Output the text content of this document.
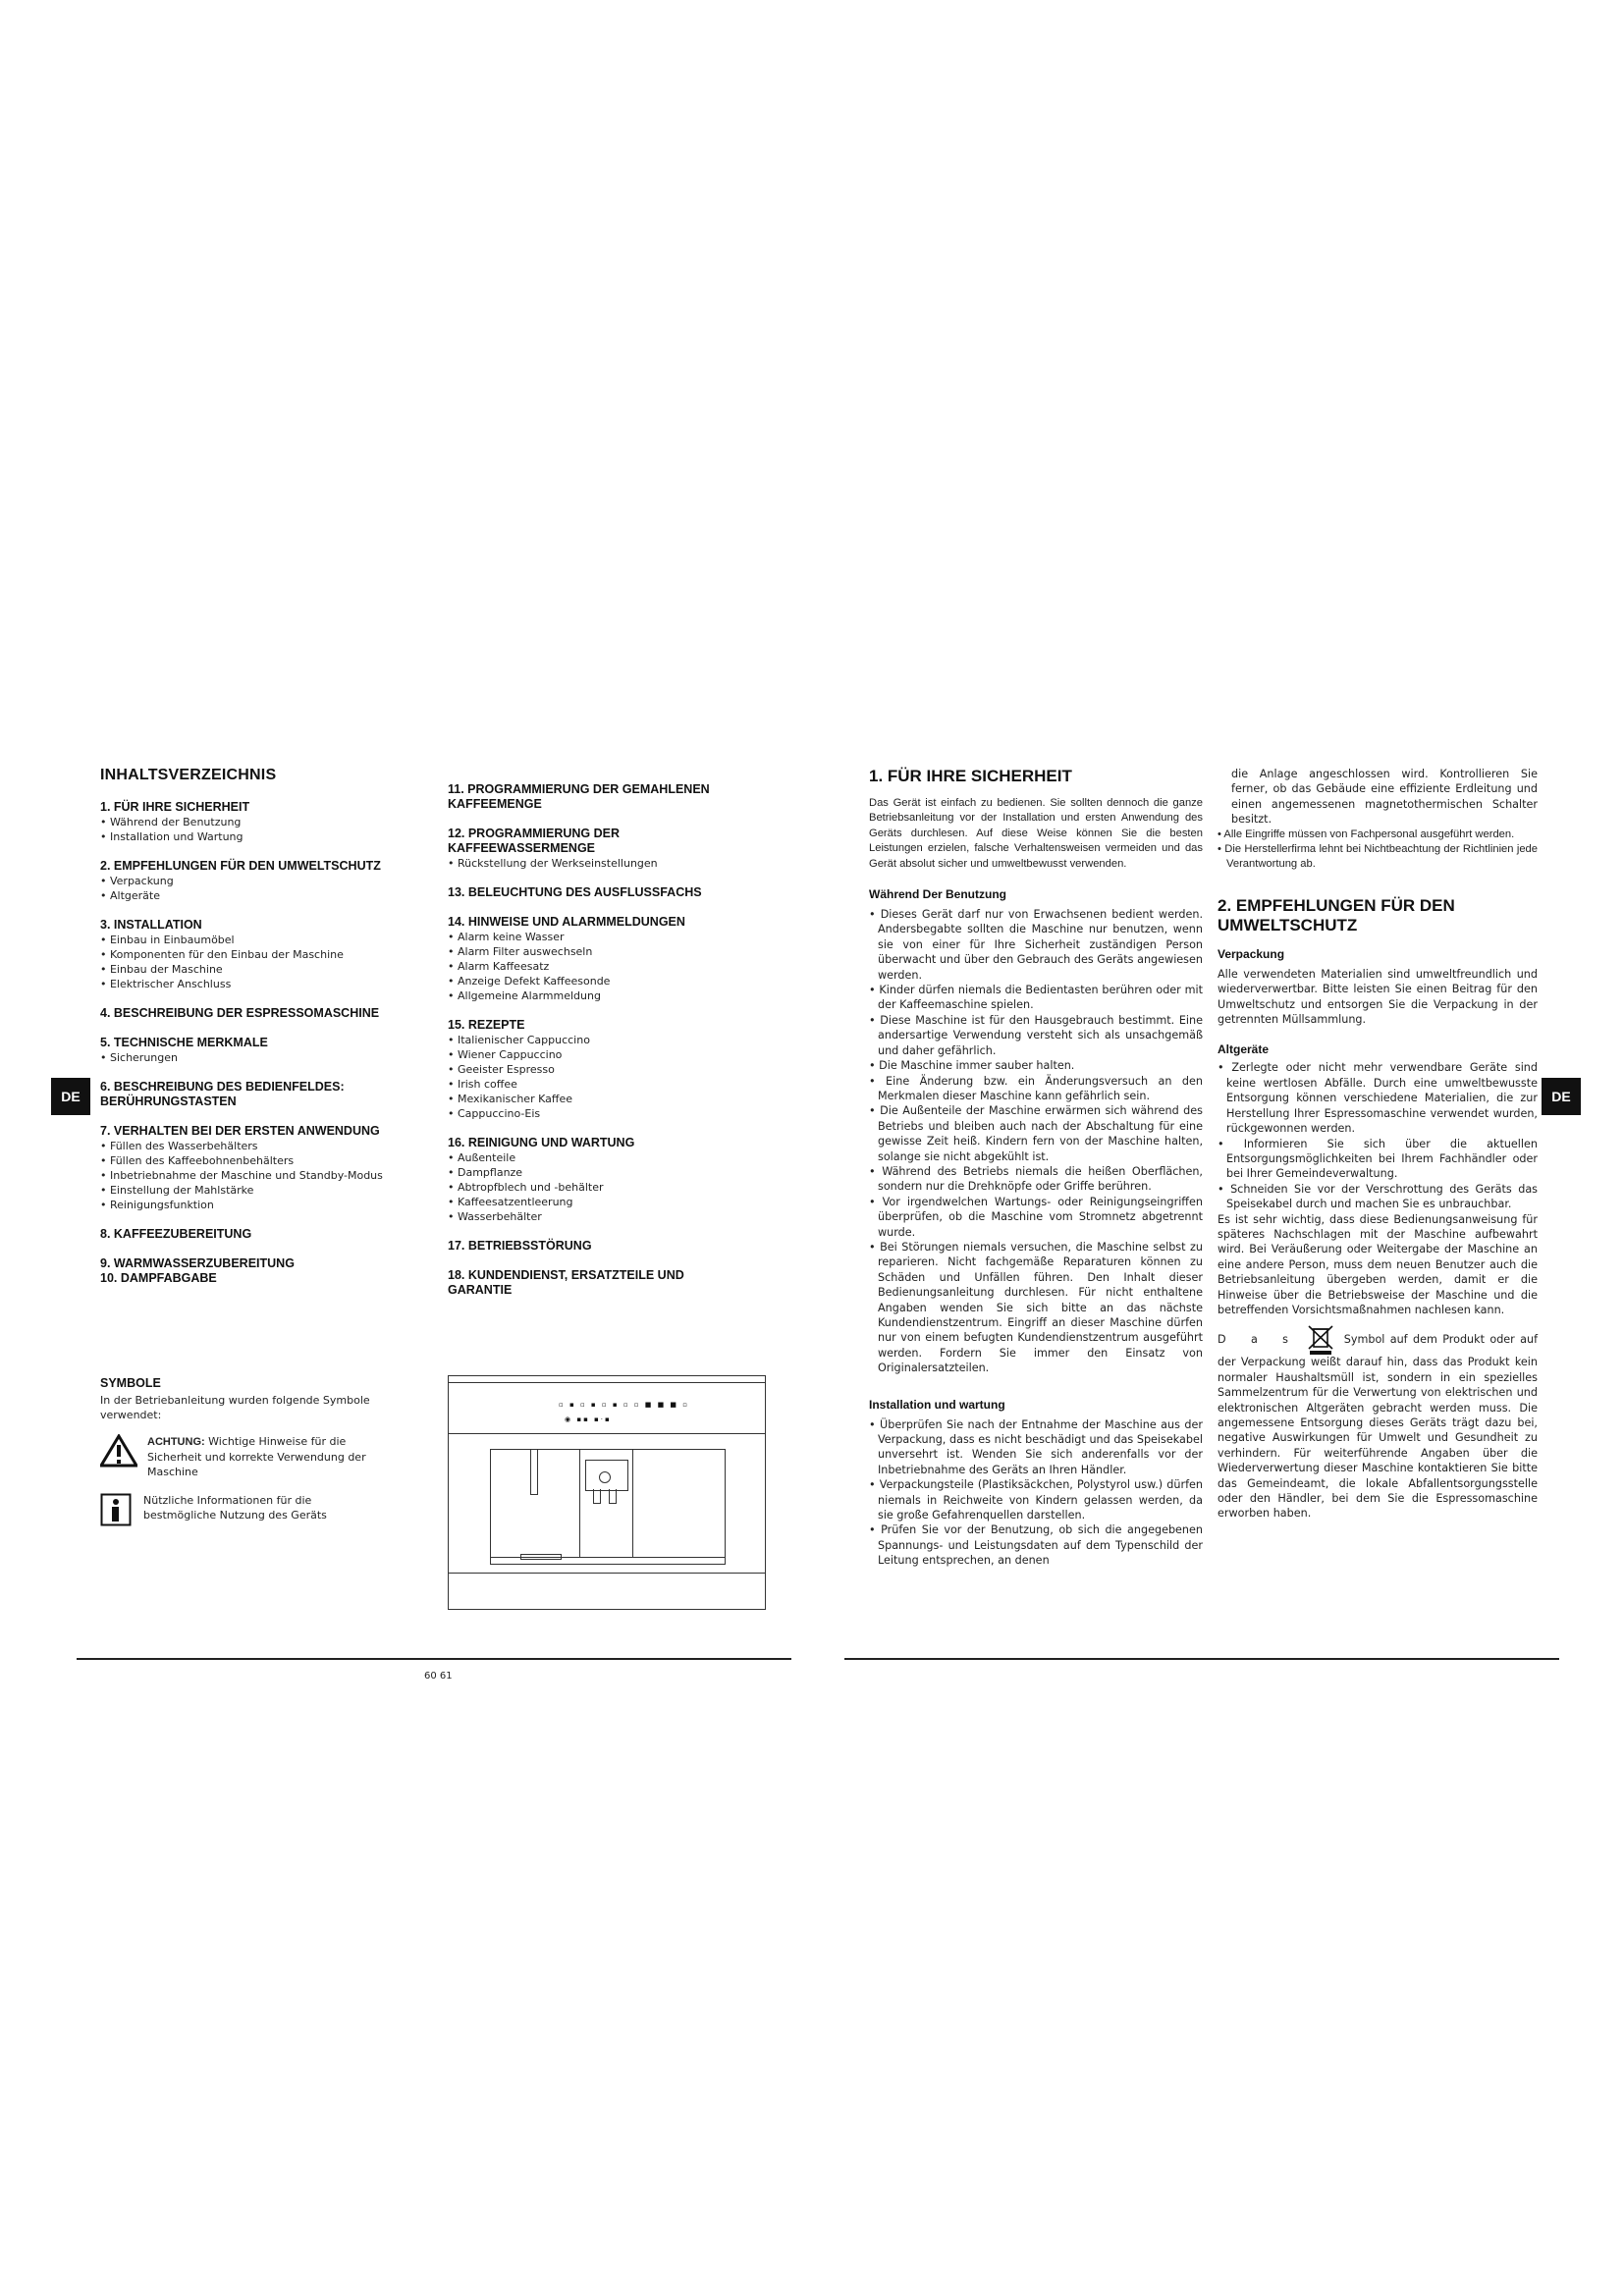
DE	DE
INHALTSVERZEICHNIS

1. FÜR IHRE SICHERHEIT

• Während der Benutzung

• Installation und Wartung

2. EMPFEHLUNGEN FÜR DEN UMWELTSCHUTZ

• Verpackung

• Altgeräte

3. INSTALLATION

• Einbau in Einbaumöbel

• Komponenten für den Einbau der Maschine

• Einbau der Maschine

• Elektrischer Anschluss

4. BESCHREIBUNG DER ESPRESSOMASCHINE

5. TECHNISCHE MERKMALE

• Sicherungen

6. BESCHREIBUNG DES BEDIENFELDES: BERÜHRUNGSTASTEN

7. VERHALTEN BEI DER ERSTEN ANWENDUNG

• Füllen des Wasserbehälters

• Füllen des Kaffeebohnenbehälters

• Inbetriebnahme der Maschine und Standby-Modus

• Einstellung der Mahlstärke

• Reinigungsfunktion

8. KAFFEEZUBEREITUNG

9. WARMWASSERZUBEREITUNG

10. DAMPFABGABE

11. PROGRAMMIERUNG DER GEMAHLENEN KAFFEEMENGE

12. PROGRAMMIERUNG DER KAFFEEWASSERMENGE

• Rückstellung der Werkseinstellungen

13. BELEUCHTUNG DES AUSFLUSSFACHS

14. HINWEISE UND ALARMMELDUNGEN

• Alarm keine Wasser

• Alarm Filter auswechseln

• Alarm Kaffeesatz

• Anzeige Defekt Kaffeesonde

• Allgemeine Alarmmeldung

15. REZEPTE

• Italienischer Cappuccino

• Wiener Cappuccino

• Geeister Espresso

• Irish coffee

• Mexikanischer Kaffee

• Cappuccino-Eis

16. REINIGUNG UND WARTUNG

• Außenteile

• Dampflanze

• Abtropfblech und -behälter

• Kaffeesatzentleerung

• Wasserbehälter

17. BETRIEBSSTÖRUNG

18. KUNDENDIENST, ERSATZTEILE UND GARANTIE

SYMBOLE

In der Betriebanleitung wurden folgende Symbole verwendet:

ACHTUNG: Wichtige Hinweise für die Sicherheit und korrekte Verwendung der Maschine

Nützliche Informationen für die bestmögliche Nutzung des Geräts

▫ ▪ ▫ ▪ ▫ ▪ ▫ ▫ ■ ■ ■ ▫
◉ ▪▪ ▪·▪
60 61

1. FÜR IHRE SICHERHEIT

Das Gerät ist einfach zu bedienen. Sie sollten dennoch die ganze Betriebsanleitung vor der Installation und ersten Anwendung des Geräts durchlesen. Auf diese Weise können Sie die besten Leistungen erzielen, falsche Verhaltensweisen vermeiden und das Gerät absolut sicher und umweltbewusst verwenden.

Während Der Benutzung

• Dieses Gerät darf nur von Erwachsenen bedient werden. Andersbegabte sollten die Maschine nur benutzen, wenn sie von einer für Ihre Sicherheit zuständigen Person überwacht und über den Gebrauch des Geräts angewiesen werden.

• Kinder dürfen niemals die Bedientasten berühren oder mit der Kaffeemaschine spielen.

• Diese Maschine ist für den Hausgebrauch bestimmt. Eine andersartige Verwendung versteht sich als unsachgemäß und daher gefährlich.

• Die Maschine immer sauber halten.

• Eine Änderung bzw. ein Änderungsversuch an den Merkmalen dieser Maschine kann gefährlich sein.

• Die Außenteile der Maschine erwärmen sich während des Betriebs und bleiben auch nach der Abschaltung für eine gewisse Zeit heiß. Kindern fern von der Maschine halten, solange sie nicht abgekühlt ist.

• Während des Betriebs niemals die heißen Oberflächen, sondern nur die Drehknöpfe oder Griffe berühren.

• Vor irgendwelchen Wartungs- oder Reinigungseingriffen überprüfen, ob die Maschine vom Stromnetz abgetrennt wurde.

• Bei Störungen niemals versuchen, die Maschine selbst zu reparieren. Nicht fachgemäße Reparaturen können zu Schäden und Unfällen führen. Den Inhalt dieser Bedienungsanleitung durchlesen. Für nicht enthaltene Angaben wenden Sie sich bitte an das nächste Kundendienstzentrum. Eingriff an dieser Maschine dürfen nur von einem befugten Kundendienstzentrum ausgeführt werden. Fordern Sie immer den Einsatz von Originalersatzteilen.

Installation und wartung

• Überprüfen Sie nach der Entnahme der Maschine aus der Verpackung, dass es nicht beschädigt und das Speisekabel unversehrt ist. Wenden Sie sich anderenfalls vor der Inbetriebnahme des Geräts an Ihren Händler.

• Verpackungsteile (Plastiksäckchen, Polystyrol usw.) dürfen niemals in Reichweite von Kindern gelassen werden, da sie große Gefahrenquellen darstellen.

• Prüfen Sie vor der Benutzung, ob sich die angegebenen Spannungs- und Leistungsdaten auf dem Typenschild der Leitung entsprechen, an denen

die Anlage angeschlossen wird. Kontrollieren Sie ferner, ob das Gebäude eine effiziente Erdleitung und einen angemessenen magnetothermischen Schalter besitzt.

• Alle Eingriffe müssen von Fachpersonal ausgeführt werden.

• Die Herstellerfirma lehnt bei Nichtbeachtung der Richtlinien jede Verantwortung ab.

2. EMPFEHLUNGEN FÜR DEN UMWELTSCHUTZ

Verpackung

Alle verwendeten Materialien sind umweltfreundlich und wiederverwertbar. Bitte leisten Sie einen Beitrag für den Umweltschutz und entsorgen Sie die Verpackung in der getrennten Müllsammlung.

Altgeräte

• Zerlegte oder nicht mehr verwendbare Geräte sind keine wertlosen Abfälle. Durch eine umweltbewusste Entsorgung können verschiedene Materialien, die zur Herstellung Ihrer Espressomaschine verwendet wurden, rückgewonnen werden.

• Informieren Sie sich über die aktuellen Entsorgungsmöglichkeiten bei Ihrem Fachhändler oder bei Ihrer Gemeindeverwaltung.

• Schneiden Sie vor der Verschrottung des Geräts das Speisekabel durch und machen Sie es unbrauchbar.

Es ist sehr wichtig, dass diese Bedienungsanweisung für späteres Nachschlagen mit der Maschine aufbewahrt wird. Bei Veräußerung oder Weitergabe der Maschine an eine andere Person, muss dem neuen Benutzer auch die Betriebsanleitung übergeben werden, damit er die Hinweise über die Betriebsweise der Maschine und die betreffenden Vorsichtsmaßnahmen nachlesen kann.

D a s	Symbol auf dem Produkt oder auf der Verpackung weißt darauf hin, dass das Produkt kein normaler Haushaltsmüll ist, sondern in ein spezielles Sammelzentrum für die Verwertung von elektrischen und elektronischen Altgeräten gebracht werden muss. Die angemessene Entsorgung dieses Geräts trägt dazu bei, negative Auswirkungen für Umwelt und Gesundheit zu verhindern. Für weiterführende Angaben über die Wiederverwertung dieser Maschine kontaktieren Sie bitte das Gemeindeamt, die lokale Abfallentsorgungsstelle oder den Händler, bei dem Sie die Espressomaschine erworben haben.
